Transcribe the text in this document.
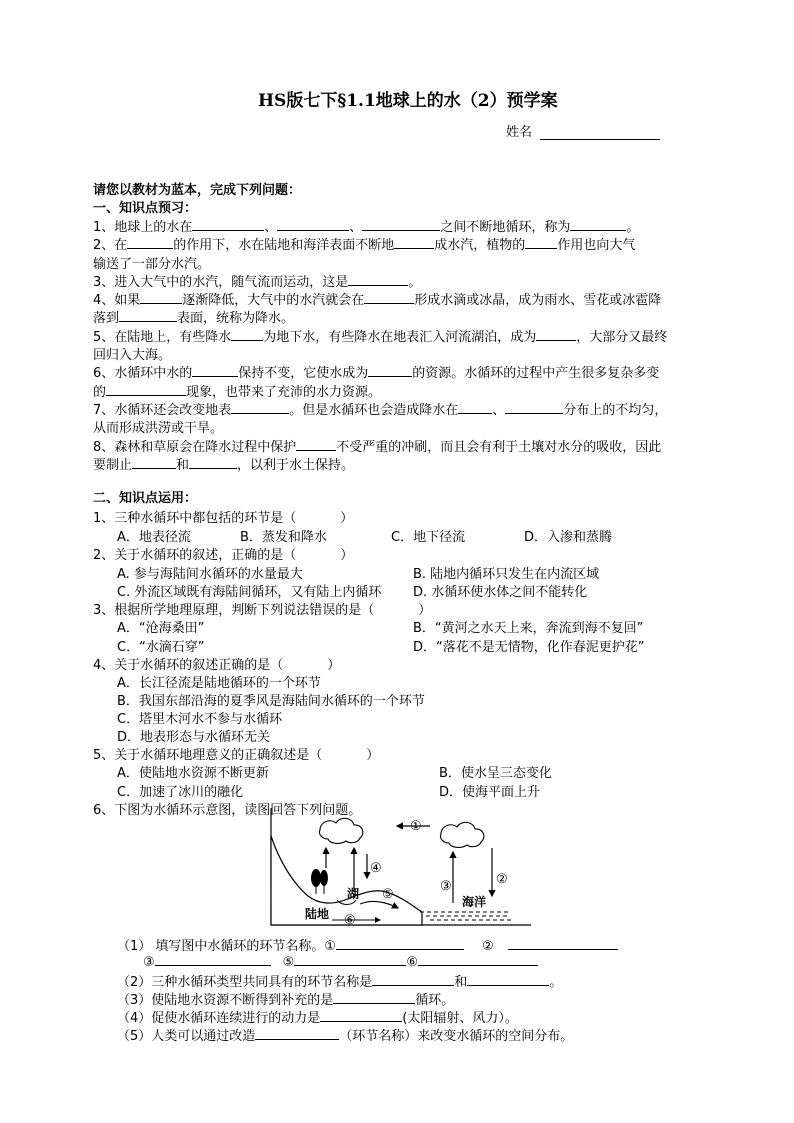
HS版七下§1.1地球上的水（2）预学案
姓名
请您以教材为蓝本，完成下列问题：
一、知识点预习：
1、地球上的水在	、	、	之间不断地循环，称为	。
2、在	的作用下，水在陆地和海洋表面不断地	成水汽，植物的 作用也向大气
输送了一部分水汽。
3、进入大气中的水汽，随气流而运动，这是	。
4、如果	逐渐降低，大气中的水汽就会在	形成水滴或冰晶，成为雨水、雪花或冰雹降
落到	表面，统称为降水。
5、在陆地上，有些降水 为地下水，有些降水在地表汇入河流湖泊，成为	，大部分又最终
回归入大海。
6、水循环中水的	保持不变，它使水成为	的资源。水循环的过程中产生很多复杂多变
的	现象，也带来了充沛的水力资源。
7、水循环还会改变地表	。但是水循环也会造成降水在	、	分布上的不均匀，
从而形成洪涝或干旱。
8、森林和草原会在降水过程中保护	不受严重的冲刷，而且会有利于土壤对水分的吸收，因此
要制止	和	，以利于水土保持。
二、知识点运用：
1、三种水循环中都包括的环节是（	）
A．地表径流	B．蒸发和降水	C．地下径流	D．入渗和蒸腾
2、关于水循环的叙述，正确的是（	）
A. 参与海陆间水循环的水量最大	B. 陆地内循环只发生在内流区域
C. 外流区域既有海陆间循环，又有陆上内循环 D. 水循环使水体之间不能转化
3、根据所学地理原理，判断下列说法错误的是（	）
A．“沧海桑田”	B．“黄河之水天上来，奔流到海不复回”
C．“水滴石穿”	D．“落花不是无情物，化作春泥更护花”
4、关于水循环的叙述正确的是（	）
A．长江径流是陆地循环的一个环节
B．我国东部沿海的夏季风是海陆间水循环的一个环节
C．塔里木河水不参与水循环
D．地表形态与水循环无关
5、关于水循环地理意义的正确叙述是（	）
A．使陆地水资源不断更新	B．使水呈三态变化
C．加速了冰川的融化	D．使海平面上升
6、下图为水循环示意图，读图回答下列问题。
①
②
③
④
⑤
⑥
湖
陆地
海洋
（1） 填写图中水循环的环节名称。①	②
③	⑤	⑥
（2）三种水循环类型共同具有的环节名称是	和	。
（3）使陆地水资源不断得到补充的是	循环。
（4）促使水循环连续进行的动力是	(太阳辐射、风力）。
（5）人类可以通过改造	（环节名称）来改变水循环的空间分布。
